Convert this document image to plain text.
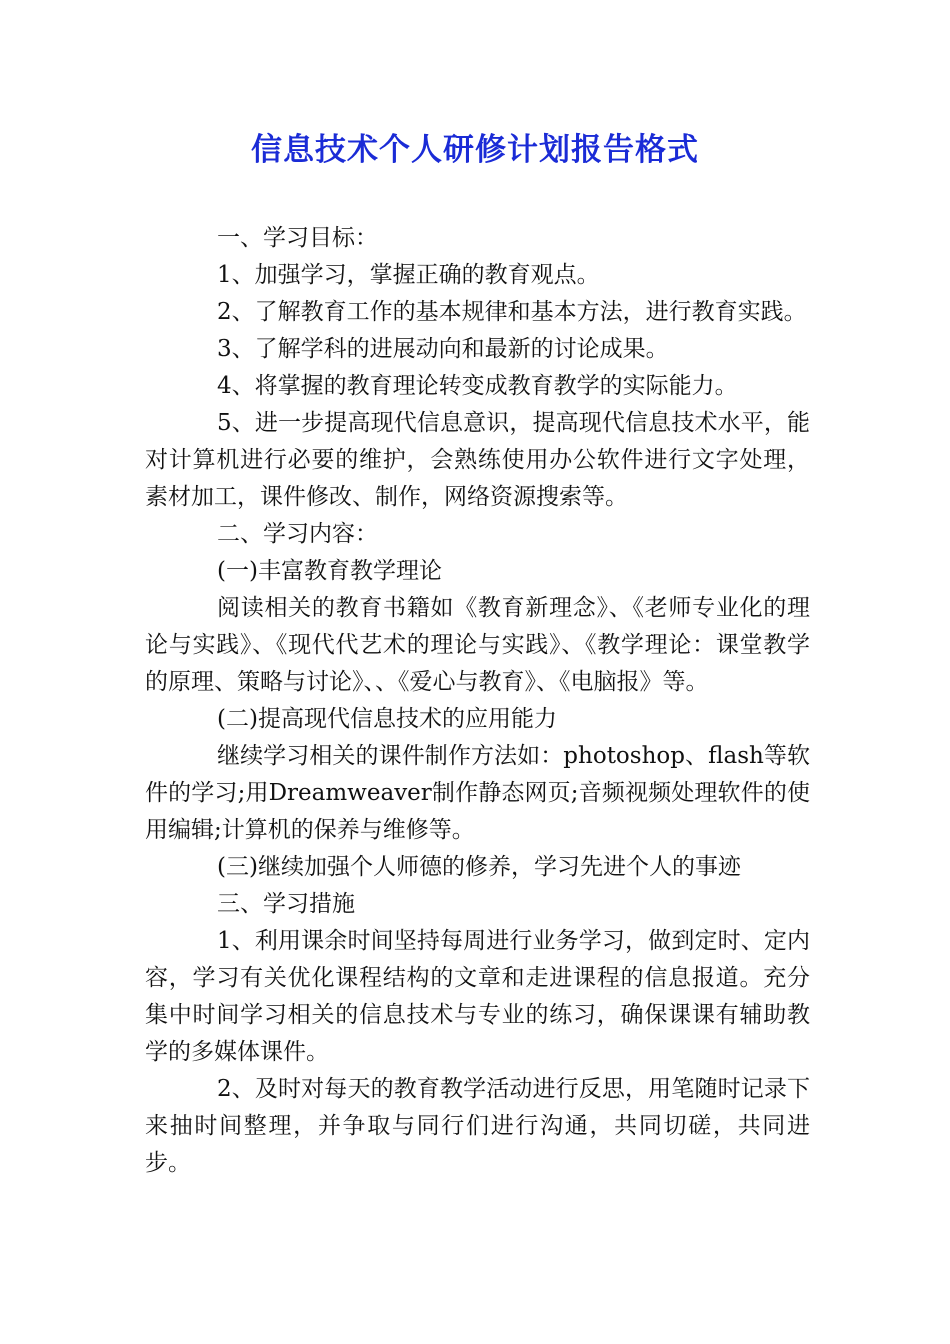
信息技术个人研修计划报告格式

一、学习目标：

1、加强学习，掌握正确的教育观点。

2、了解教育工作的基本规律和基本方法，进行教育实践。

3、了解学科的进展动向和最新的讨论成果。

4、将掌握的教育理论转变成教育教学的实际能力。

5、进一步提高现代信息意识，提高现代信息技术水平，能对计算机进行必要的维护，会熟练使用办公软件进行文字处理，素材加工，课件修改、制作，网络资源搜索等。

二、学习内容：

(一)丰富教育教学理论

阅读相关的教育书籍如《教育新理念》、《老师专业化的理论与实践》、《现代代艺术的理论与实践》、《教学理论：课堂教学的原理、策略与讨论》、、《爱心与教育》、《电脑报》等。

(二)提高现代信息技术的应用能力

继续学习相关的课件制作方法如：photoshop、flash等软件的学习;用Dreamweaver制作静态网页;音频视频处理软件的使用编辑;计算机的保养与维修等。

(三)继续加强个人师德的修养，学习先进个人的事迹

三、学习措施

1、利用课余时间坚持每周进行业务学习，做到定时、定内容，学习有关优化课程结构的文章和走进课程的信息报道。充分集中时间学习相关的信息技术与专业的练习，确保课课有辅助教学的多媒体课件。

2、及时对每天的教育教学活动进行反思，用笔随时记录下来抽时间整理，并争取与同行们进行沟通，共同切磋，共同进步。
